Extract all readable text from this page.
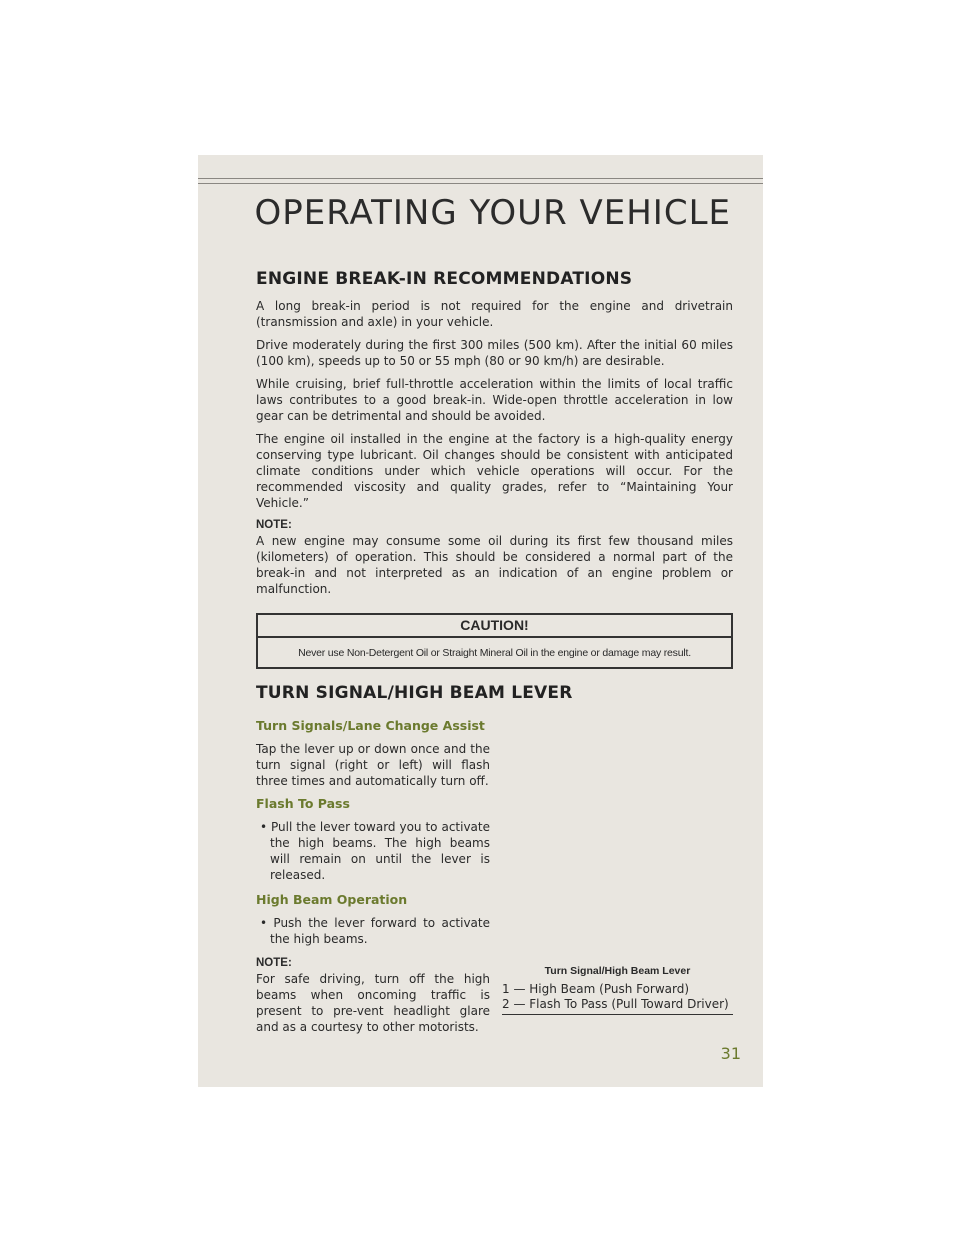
OPERATING YOUR VEHICLE
ENGINE BREAK-IN RECOMMENDATIONS

A long break-in period is not required for the engine and drivetrain (transmission and axle) in your vehicle.

Drive moderately during the first 300 miles (500 km). After the initial 60 miles (100 km), speeds up to 50 or 55 mph (80 or 90 km/h) are desirable.

While cruising, brief full-throttle acceleration within the limits of local traffic laws contributes to a good break-in. Wide-open throttle acceleration in low gear can be detrimental and should be avoided.

The engine oil installed in the engine at the factory is a high-quality energy conserving type lubricant. Oil changes should be consistent with anticipated climate conditions under which vehicle operations will occur. For the recommended viscosity and quality grades, refer to “Maintaining Your Vehicle.”

NOTE:

A new engine may consume some oil during its first few thousand miles (kilometers) of operation. This should be considered a normal part of the break-in and not interpreted as an indication of an engine problem or malfunction.

CAUTION!
Never use Non-Detergent Oil or Straight Mineral Oil in the engine or damage may result.
TURN SIGNAL/HIGH BEAM LEVER
Turn Signals/Lane Change Assist

Tap the lever up or down once and the turn signal (right or left) will flash three times and automatically turn off.

Flash To Pass
• Pull the lever toward you to activate the high beams. The high beams will remain on until the lever is released.
High Beam Operation
• Push the lever forward to activate the high beams.
NOTE:

For safe driving, turn off the high beams when oncoming traffic is present to pre-vent headlight glare and as a courtesy to other motorists.

Turn Signal/High Beam Lever
1 — High Beam (Push Forward)
2 — Flash To Pass (Pull Toward Driver)
31
